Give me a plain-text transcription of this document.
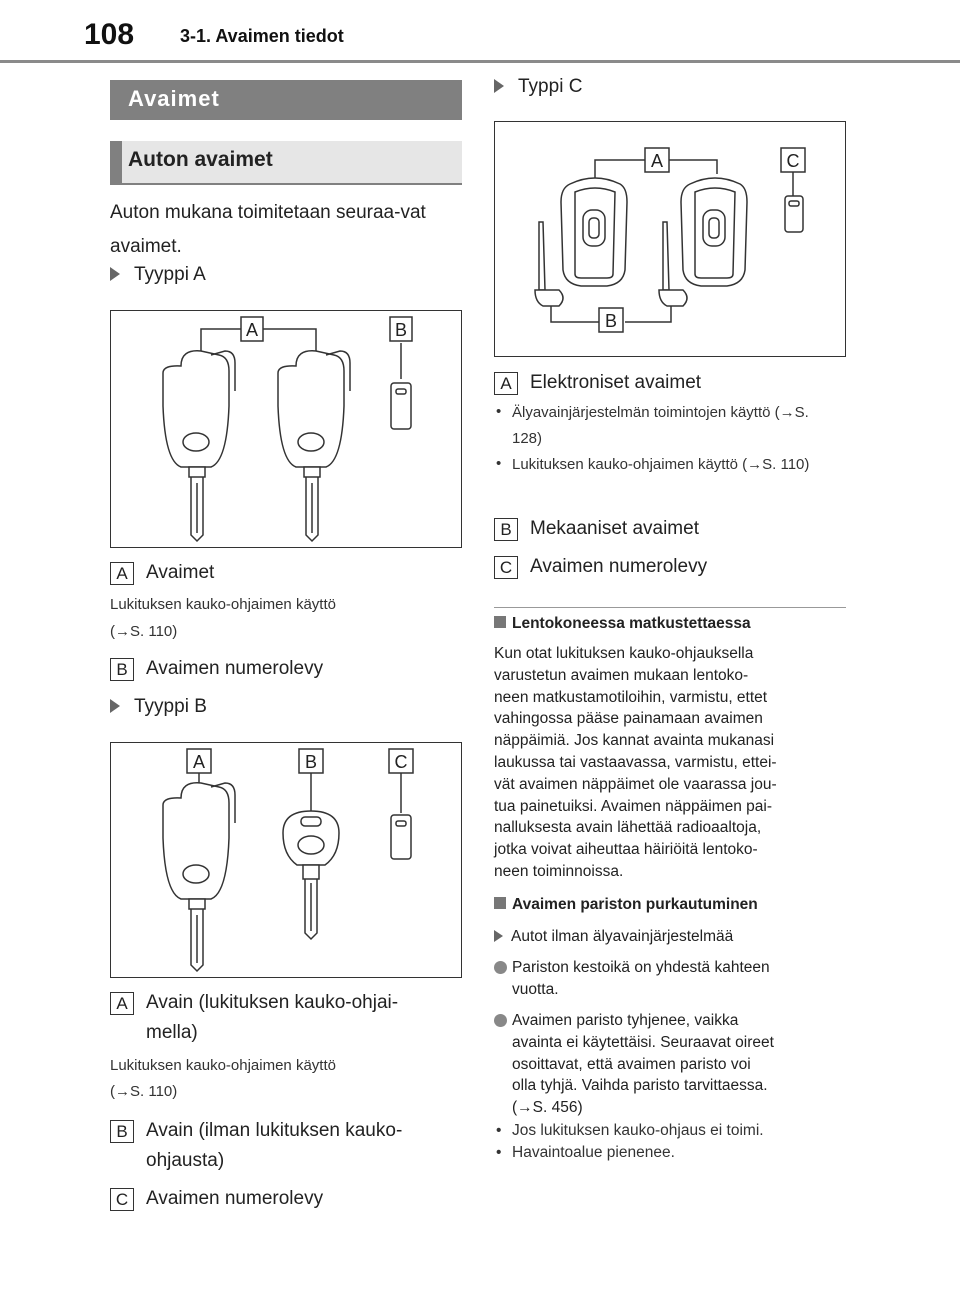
108	3-1. Avaimen tiedot
Avaimet
Auton avaimet
Auton mukana toimitetaan seuraa-vat avaimet.
Tyyppi A
A	B
A Avaimet
Lukituksen kauko-ohjaimen käyttö
(→S. 110)
B Avaimen numerolevy
Tyyppi B
A	B	C
A Avain (lukituksen kauko-ohjai-mella)
Lukituksen kauko-ohjaimen käyttö
(→S. 110)
B Avain (ilman lukituksen kauko-ohjausta)
C Avaimen numerolevy
Typpi C
A	C
B
A Elektroniset avaimet
• Älyavainjärjestelmän toimintojen käyttö (→S. 128)
• Lukituksen kauko-ohjaimen käyttö (→S. 110)
B Mekaaniset avaimet
C Avaimen numerolevy
Lentokoneessa matkustettaessa
Kun otat lukituksen kauko-ohjauksella
varustetun avaimen mukaan lentoko-
neen matkustamotiloihin, varmistu, ettet
vahingossa pääse painamaan avaimen
näppäimiä. Jos kannat avainta mukanasi
laukussa tai vastaavassa, varmistu, ettei-
vät avaimen näppäimet ole vaarassa jou-
tua painetuiksi. Avaimen näppäimen pai-
nalluksesta avain lähettää radioaaltoja,
jotka voivat aiheuttaa häiriöitä lentoko-
neen toiminnoissa.
Avaimen pariston purkautuminen
Autot ilman älyavainjärjestelmää
Pariston kestoikä on yhdestä kahteen
vuotta.
Avaimen paristo tyhjenee, vaikka
avainta ei käytettäisi. Seuraavat oireet
osoittavat, että avaimen paristo voi
olla tyhjä. Vaihda paristo tarvittaessa.
(→S. 456)
• Jos lukituksen kauko-ohjaus ei toimi.
• Havaintoalue pienenee.
